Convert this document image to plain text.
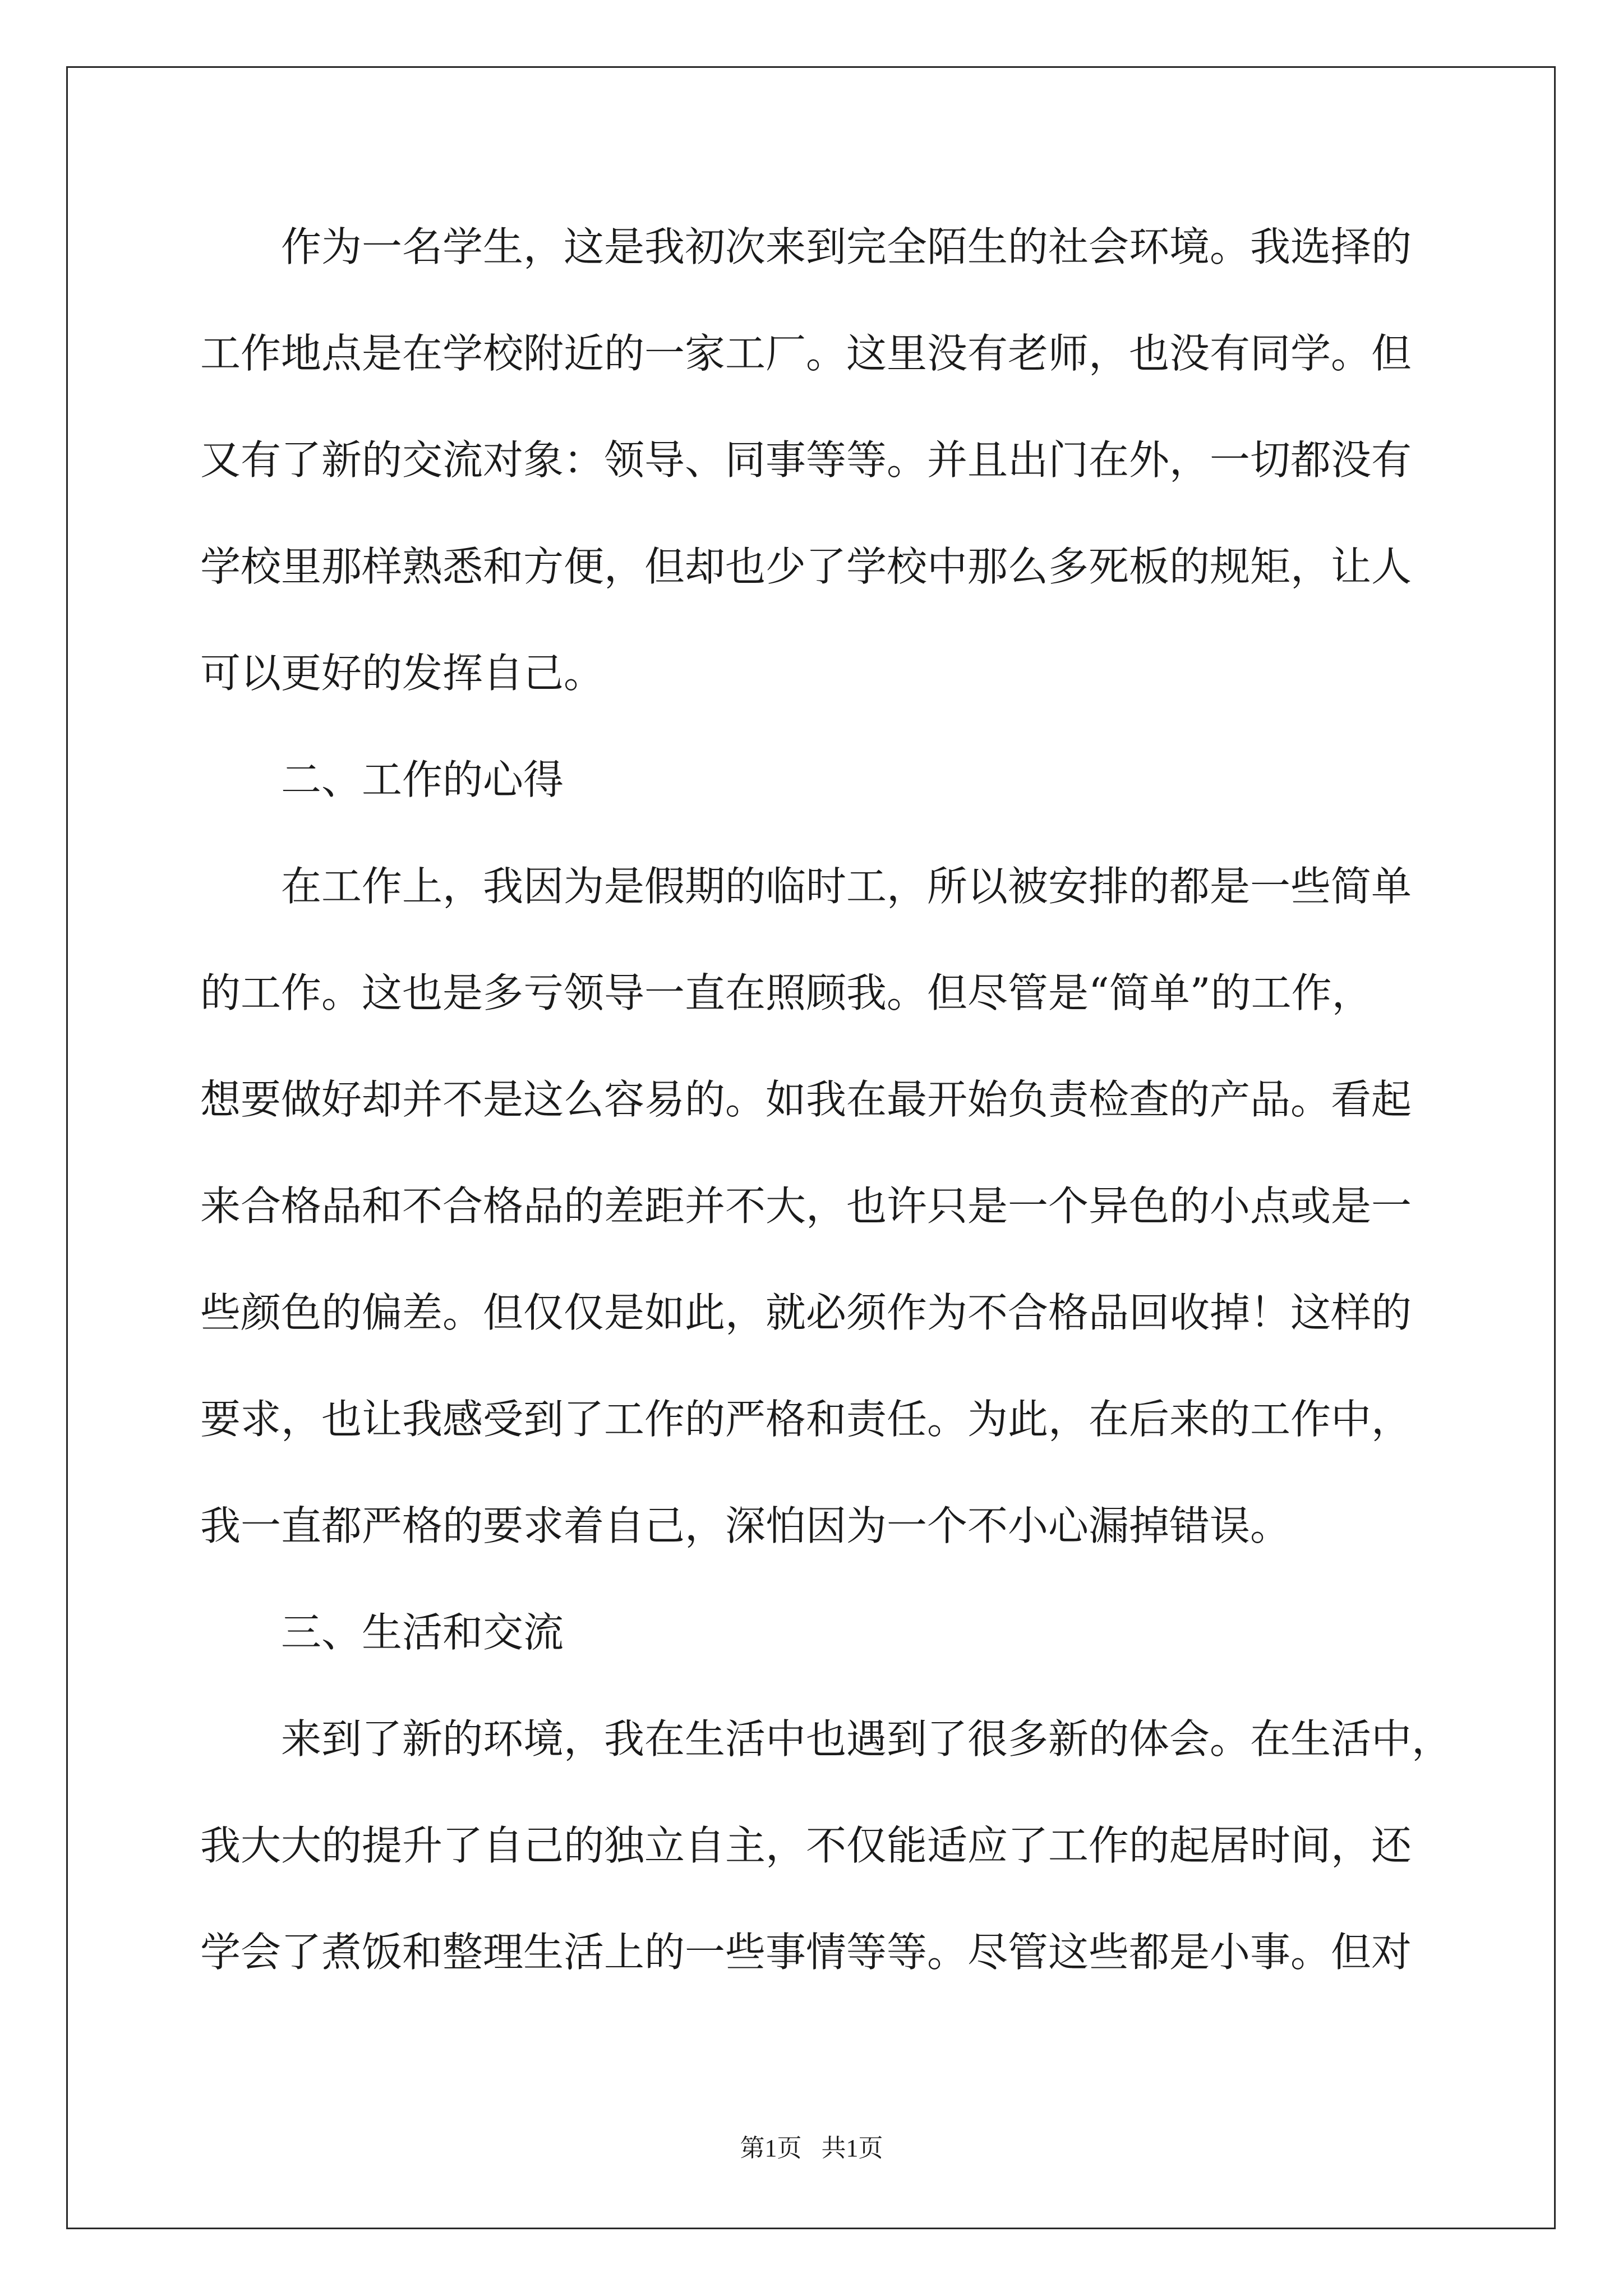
作为一名学生，这是我初次来到完全陌生的社会环境。我选择的
工作地点是在学校附近的一家工厂。这里没有老师，也没有同学。但
又有了新的交流对象：领导、同事等等。并且出门在外，一切都没有
学校里那样熟悉和方便，但却也少了学校中那么多死板的规矩，让人
可以更好的发挥自己。
二、工作的心得
在工作上，我因为是假期的临时工，所以被安排的都是一些简单
的工作。这也是多亏领导一直在照顾我。但尽管是“简单”的工作，
想要做好却并不是这么容易的。如我在最开始负责检查的产品。看起
来合格品和不合格品的差距并不大，也许只是一个异色的小点或是一
些颜色的偏差。但仅仅是如此，就必须作为不合格品回收掉！这样的
要求，也让我感受到了工作的严格和责任。为此，在后来的工作中，
我一直都严格的要求着自己，深怕因为一个不小心漏掉错误。
三、生活和交流
来到了新的环境，我在生活中也遇到了很多新的体会。在生活中，
我大大的提升了自己的独立自主，不仅能适应了工作的起居时间，还
学会了煮饭和整理生活上的一些事情等等。尽管这些都是小事。但对
第1页 共1页
